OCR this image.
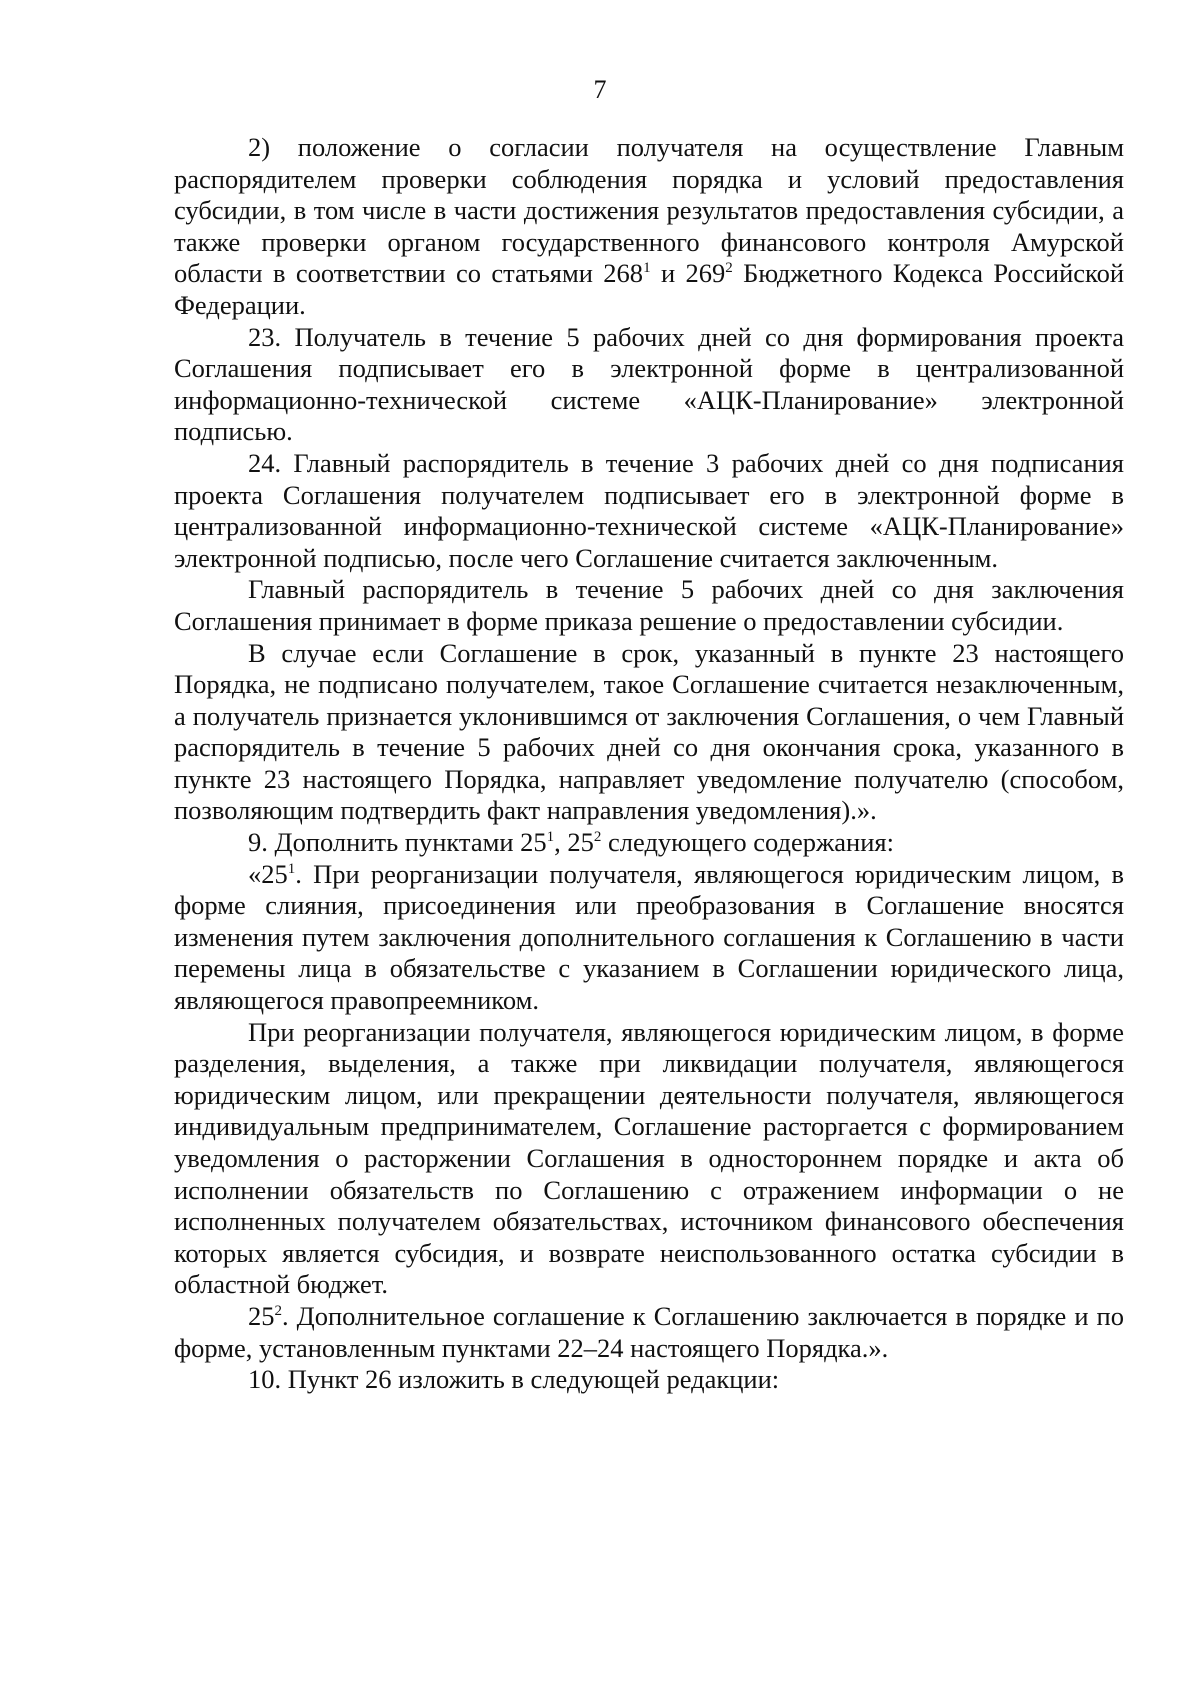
7

2) положение о согласии получателя на осуществление Главным распорядителем проверки соблюдения порядка и условий предоставления субсидии, в том числе в части достижения результатов предоставления субсидии, а также проверки органом государственного финансового контроля Амурской области в соответствии со статьями $268^1$ и $269^2$ Бюджетного Кодекса Российской Федерации.

23. Получатель в течение 5 рабочих дней со дня формирования проекта Соглашения подписывает его в электронной форме в централизованной информационно-технической системе «АЦК-Планирование» электронной подписью.

24. Главный распорядитель в течение 3 рабочих дней со дня подписания проекта Соглашения получателем подписывает его в электронной форме в централизованной информационно-технической системе «АЦК-Планирование» электронной подписью, после чего Соглашение считается заключенным.

Главный распорядитель в течение 5 рабочих дней со дня заключения Соглашения принимает в форме приказа решение о предоставлении субсидии.

В случае если Соглашение в срок, указанный в пункте 23 настоящего Порядка, не подписано получателем, такое Соглашение считается незаключенным, а получатель признается уклонившимся от заключения Соглашения, о чем Главный распорядитель в течение 5 рабочих дней со дня окончания срока, указанного в пункте 23 настоящего Порядка, направляет уведомление получателю (способом, позволяющим подтвердить факт направления уведомления).».

9. Дополнить пунктами $25^1$, $25^2$ следующего содержания:

«$25^1$. При реорганизации получателя, являющегося юридическим лицом, в форме слияния, присоединения или преобразования в Соглашение вносятся изменения путем заключения дополнительного соглашения к Соглашению в части перемены лица в обязательстве с указанием в Соглашении юридического лица, являющегося правопреемником.

При реорганизации получателя, являющегося юридическим лицом, в форме разделения, выделения, а также при ликвидации получателя, являющегося юридическим лицом, или прекращении деятельности получателя, являющегося индивидуальным предпринимателем, Соглашение расторгается с формированием уведомления о расторжении Соглашения в одностороннем порядке и акта об исполнении обязательств по Соглашению с отражением информации о не исполненных получателем обязательствах, источником финансового обеспечения которых является субсидия, и возврате неиспользованного остатка субсидии в областной бюджет.

$25^2$. Дополнительное соглашение к Соглашению заключается в порядке и по форме, установленным пунктами 22–24 настоящего Порядка.».

10. Пункт 26 изложить в следующей редакции:
